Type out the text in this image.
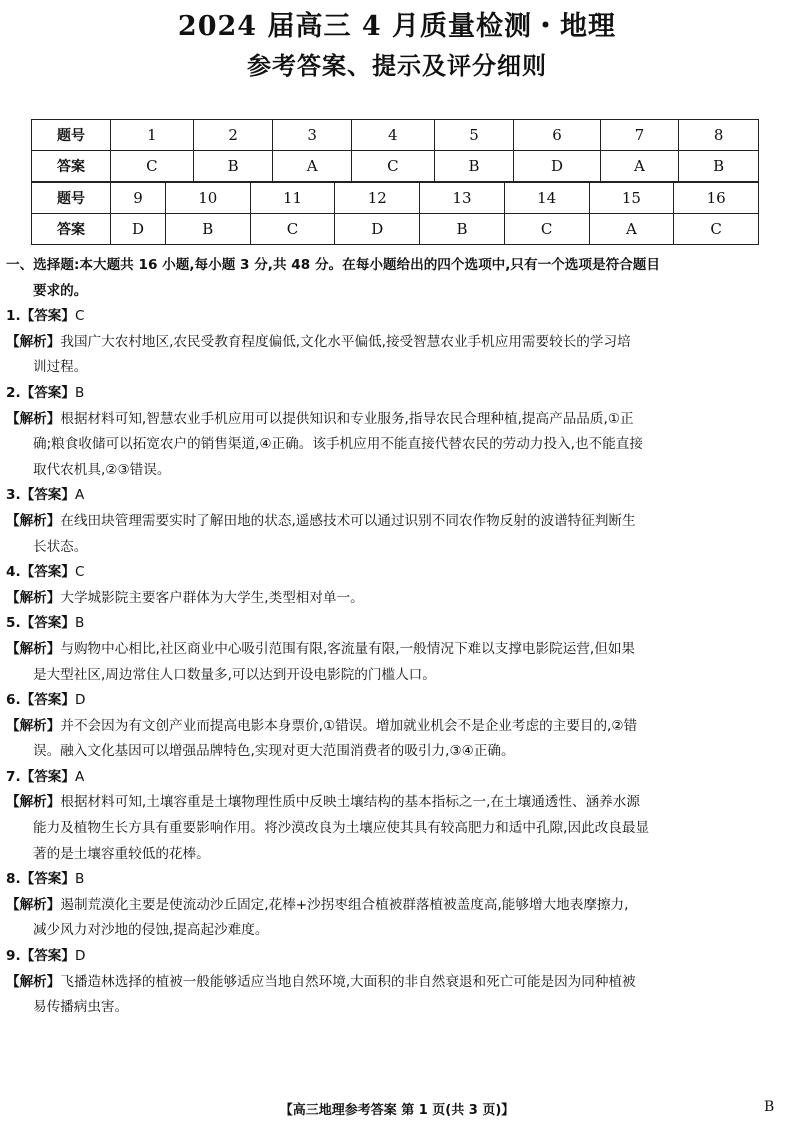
2024 届高三 4 月质量检测・地理
参考答案、提示及评分细则
题号	1	2	3	4	5	6	7	8
答案	C	B	A	C	B	D	A	B
题号	9	10	11	12	13	14	15	16
答案	D	B	C	D	B	C	A	C
一、选择题:本大题共 16 小题,每小题 3 分,共 48 分。在每小题给出的四个选项中,只有一个选项是符合题目
要求的。
1.【答案】C
【解析】我国广大农村地区,农民受教育程度偏低,文化水平偏低,接受智慧农业手机应用需要较长的学习培
训过程。
2.【答案】B
【解析】根据材料可知,智慧农业手机应用可以提供知识和专业服务,指导农民合理种植,提高产品品质,①正
确;粮食收储可以拓宽农户的销售渠道,④正确。该手机应用不能直接代替农民的劳动力投入,也不能直接
取代农机具,②③错误。
3.【答案】A
【解析】在线田块管理需要实时了解田地的状态,遥感技术可以通过识别不同农作物反射的波谱特征判断生
长状态。
4.【答案】C
【解析】大学城影院主要客户群体为大学生,类型相对单一。
5.【答案】B
【解析】与购物中心相比,社区商业中心吸引范围有限,客流量有限,一般情况下难以支撑电影院运营,但如果
是大型社区,周边常住人口数量多,可以达到开设电影院的门槛人口。
6.【答案】D
【解析】并不会因为有文创产业而提高电影本身票价,①错误。增加就业机会不是企业考虑的主要目的,②错
误。融入文化基因可以增强品牌特色,实现对更大范围消费者的吸引力,③④正确。
7.【答案】A
【解析】根据材料可知,土壤容重是土壤物理性质中反映土壤结构的基本指标之一,在土壤通透性、涵养水源
能力及植物生长方具有重要影响作用。将沙漠改良为土壤应使其具有较高肥力和适中孔隙,因此改良最显
著的是土壤容重较低的花棒。
8.【答案】B
【解析】遏制荒漠化主要是使流动沙丘固定,花棒+沙拐枣组合植被群落植被盖度高,能够增大地表摩擦力,
减少风力对沙地的侵蚀,提高起沙难度。
9.【答案】D
【解析】飞播造林选择的植被一般能够适应当地自然环境,大面积的非自然衰退和死亡可能是因为同种植被
易传播病虫害。
【高三地理参考答案 第 1 页(共 3 页)】	B
